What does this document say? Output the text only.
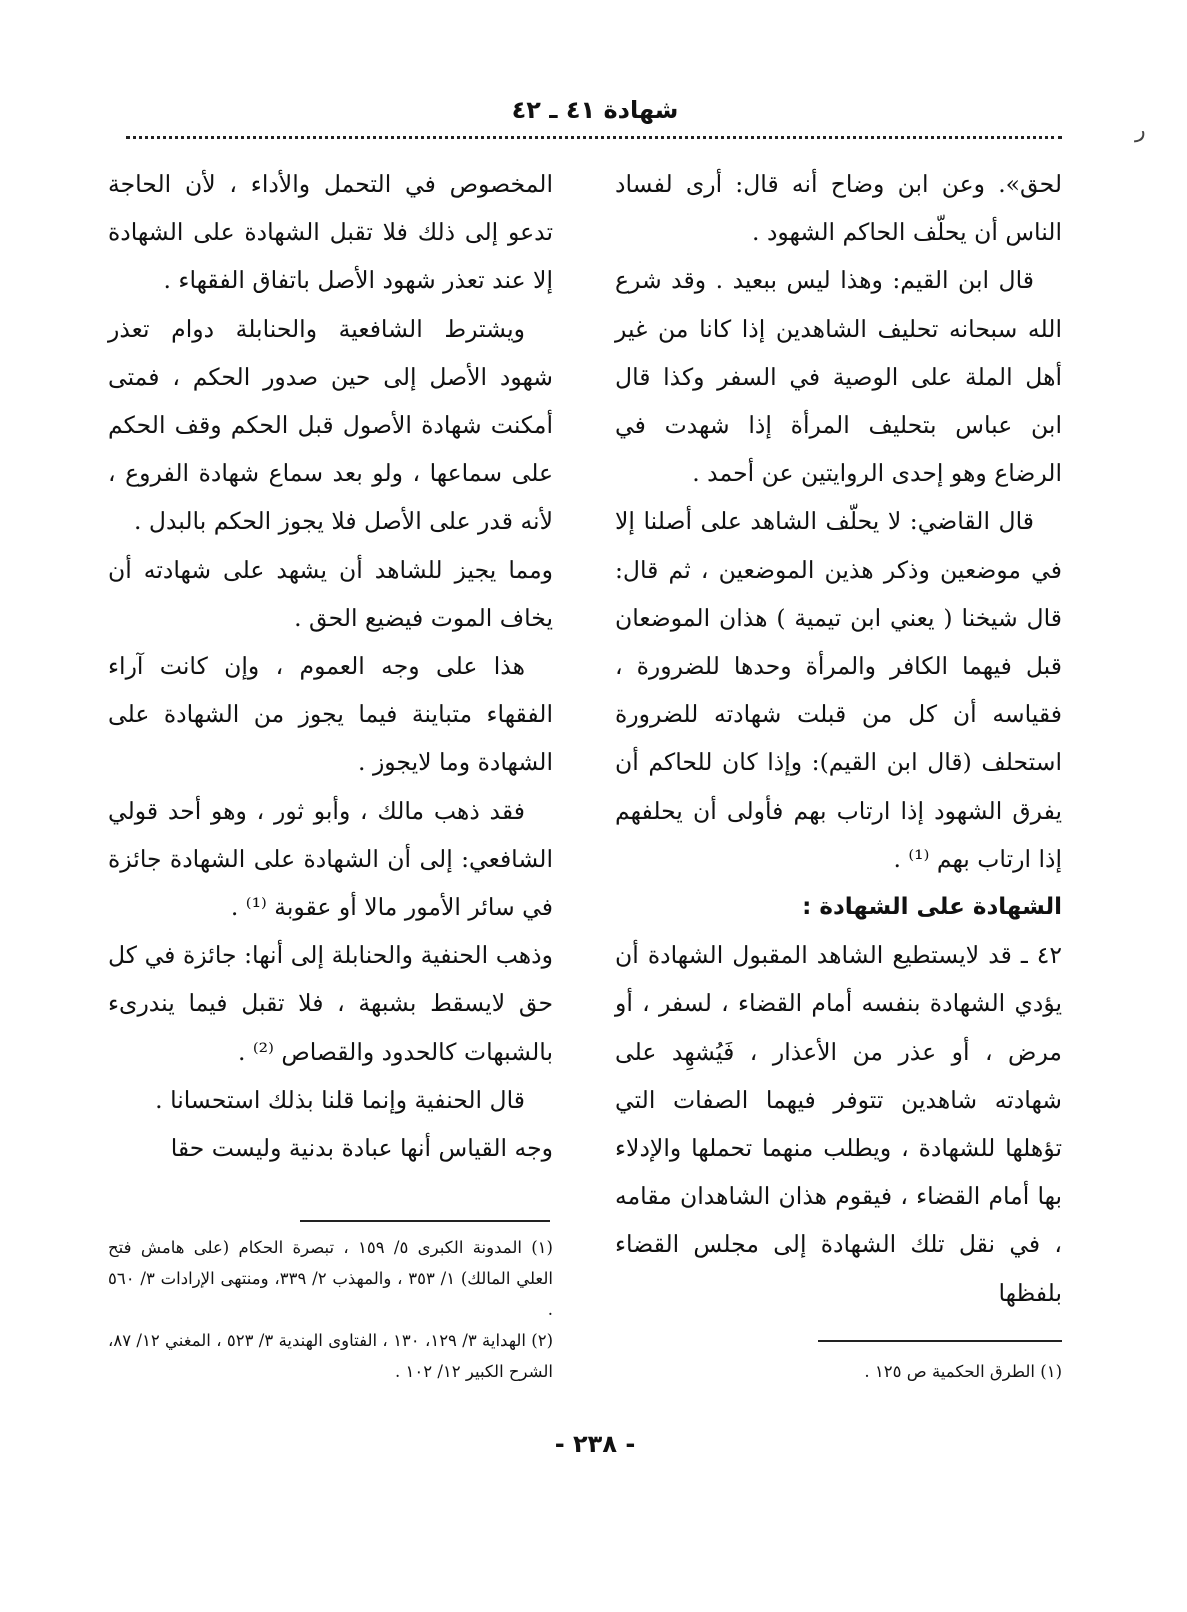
شهادة ٤١ ـ ٤٢
ﺭ

لحق». وعن ابن وضاح أنه قال: أرى لفساد الناس أن يحلّف الحاكم الشهود .

قال ابن القيم: وهذا ليس ببعيد . وقد شرع الله سبحانه تحليف الشاهدين إذا كانا من غير أهل الملة على الوصية في السفر وكذا قال ابن عباس بتحليف المرأة إذا شهدت في الرضاع وهو إحدى الروايتين عن أحمد .

قال القاضي: لا يحلّف الشاهد على أصلنا إلا في موضعين وذكر هذين الموضعين ، ثم قال: قال شيخنا ( يعني ابن تيمية ) هذان الموضعان قبل فيهما الكافر والمرأة وحدها للضرورة ، فقياسه أن كل من قبلت شهادته للضرورة استحلف (قال ابن القيم): وإذا كان للحاكم أن يفرق الشهود إذا ارتاب بهم فأولى أن يحلفهم إذا ارتاب بهم ⁽¹⁾ .

الشهادة على الشهادة :

٤٢ ـ قد لايستطيع الشاهد المقبول الشهادة أن يؤدي الشهادة بنفسه أمام القضاء ، لسفر ، أو مرض ، أو عذر من الأعذار ، فَيُشهِد على شهادته شاهدين تتوفر فيهما الصفات التي تؤهلها للشهادة ، ويطلب منهما تحملها والإدلاء بها أمام القضاء ، فيقوم هذان الشاهدان مقامه ، في نقل تلك الشهادة إلى مجلس القضاء بلفظها

المخصوص في التحمل والأداء ، لأن الحاجة تدعو إلى ذلك فلا تقبل الشهادة على الشهادة إلا عند تعذر شهود الأصل باتفاق الفقهاء .

ويشترط الشافعية والحنابلة دوام تعذر شهود الأصل إلى حين صدور الحكم ، فمتى أمكنت شهادة الأصول قبل الحكم وقف الحكم على سماعها ، ولو بعد سماع شهادة الفروع ، لأنه قدر على الأصل فلا يجوز الحكم بالبدل .

ومما يجيز للشاهد أن يشهد على شهادته أن يخاف الموت فيضيع الحق .

هذا على وجه العموم ، وإن كانت آراء الفقهاء متباينة فيما يجوز من الشهادة على الشهادة وما لايجوز .

فقد ذهب مالك ، وأبو ثور ، وهو أحد قولي الشافعي: إلى أن الشهادة على الشهادة جائزة في سائر الأمور مالا أو عقوبة ⁽¹⁾ .

وذهب الحنفية والحنابلة إلى أنها: جائزة في كل حق لايسقط بشبهة ، فلا تقبل فيما يندرىء بالشبهات كالحدود والقصاص ⁽²⁾ .

قال الحنفية وإنما قلنا بذلك استحسانا .

وجه القياس أنها عبادة بدنية وليست حقا

(١) الطرق الحكمية ص ١٢٥ .

(١) المدونة الكبرى ٥/ ١٥٩ ، تبصرة الحكام (على هامش فتح العلي المالك) ١/ ٣٥٣ ، والمهذب ٢/ ٣٣٩، ومنتهى الإرادات ٣/ ٥٦٠ .

(٢) الهداية ٣/ ١٢٩، ١٣٠ ، الفتاوى الهندية ٣/ ٥٢٣ ، المغني ١٢/ ٨٧، الشرح الكبير ١٢/ ١٠٢ .

- ٢٣٨ -
